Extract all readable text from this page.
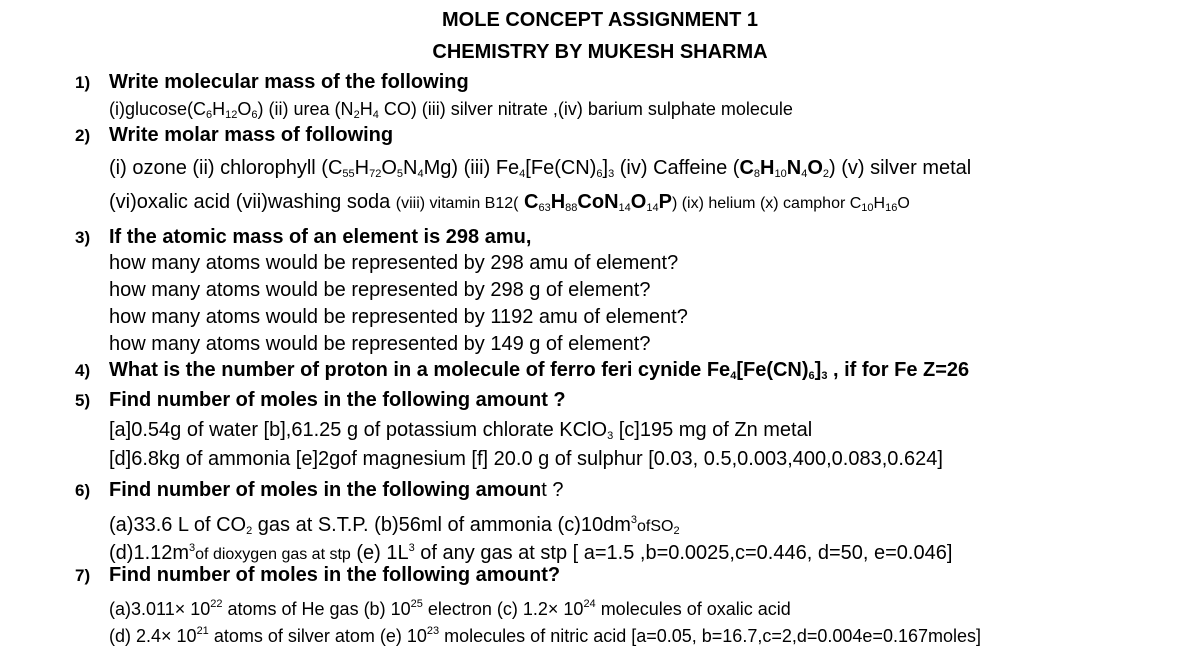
MOLE CONCEPT ASSIGNMENT 1
CHEMISTRY BY MUKESH SHARMA
1) Write molecular mass of the following
$(i)glucose(C_6H_{12}O_6)$ (ii) urea ($N_2H_4$ CO) (iii) silver nitrate ,(iv) barium sulphate molecule
2) Write molar mass of following
(i) ozone (ii) chlorophyll $(C_{55}H_{72}O_5N_4Mg)$ (iii) $Fe_4[Fe(CN)_6]_3$ (iv) Caffeine $(C_8H_{10}N_4O_2)$ (v) silver metal
(vi)oxalic acid (vii)washing soda (viii) vitamin B12( $C_{63}H_{88}CoN_{14}O_{14}P$) (ix) helium (x) camphor $C_{10}H_{16}O$
3) If the atomic mass of an element is 298 amu,
how many atoms would be represented by 298 amu of element?
how many atoms would be represented by 298 g of element?
how many atoms would be represented by 1192 amu of element?
how many atoms would be represented by 149 g of element?
4) What is the number of proton in a molecule of ferro feri cynide $Fe_4[Fe(CN)_6]_3$ , if for Fe Z=26
5) Find number of moles in the following amount ?
[a]0.54g of water [b],61.25 g of potassium chlorate KClO$_3$ [c]195 mg of Zn metal
[d]6.8kg of ammonia [e]2gof magnesium [f] 20.0 g of sulphur [0.03, 0.5,0.003,400,0.083,0.624]
6) Find number of moles in the following amount ?
(a)33.6 L of $CO_2$ gas at S.T.P. (b)56ml of ammonia $(c)10dm^3ofSO_2$
$(d)1.12m^3of$ dioxygen gas at stp (e) $1L^3$ of any gas at stp [ a=1.5 ,b=0.0025,c=0.446, d=50, e=0.046]
7) Find number of moles in the following amount?
$(a)3.011\times 10^{22}$ atoms of He gas (b) $10^{25}$ electron (c) $1.2\times 10^{24}$ molecules of oxalic acid
(d) $2.4\times 10^{21}$ atoms of silver atom (e) $10^{23}$ molecules of nitric acid [a=0.05, b=16.7,c=2,d=0.004e=0.167moles]
